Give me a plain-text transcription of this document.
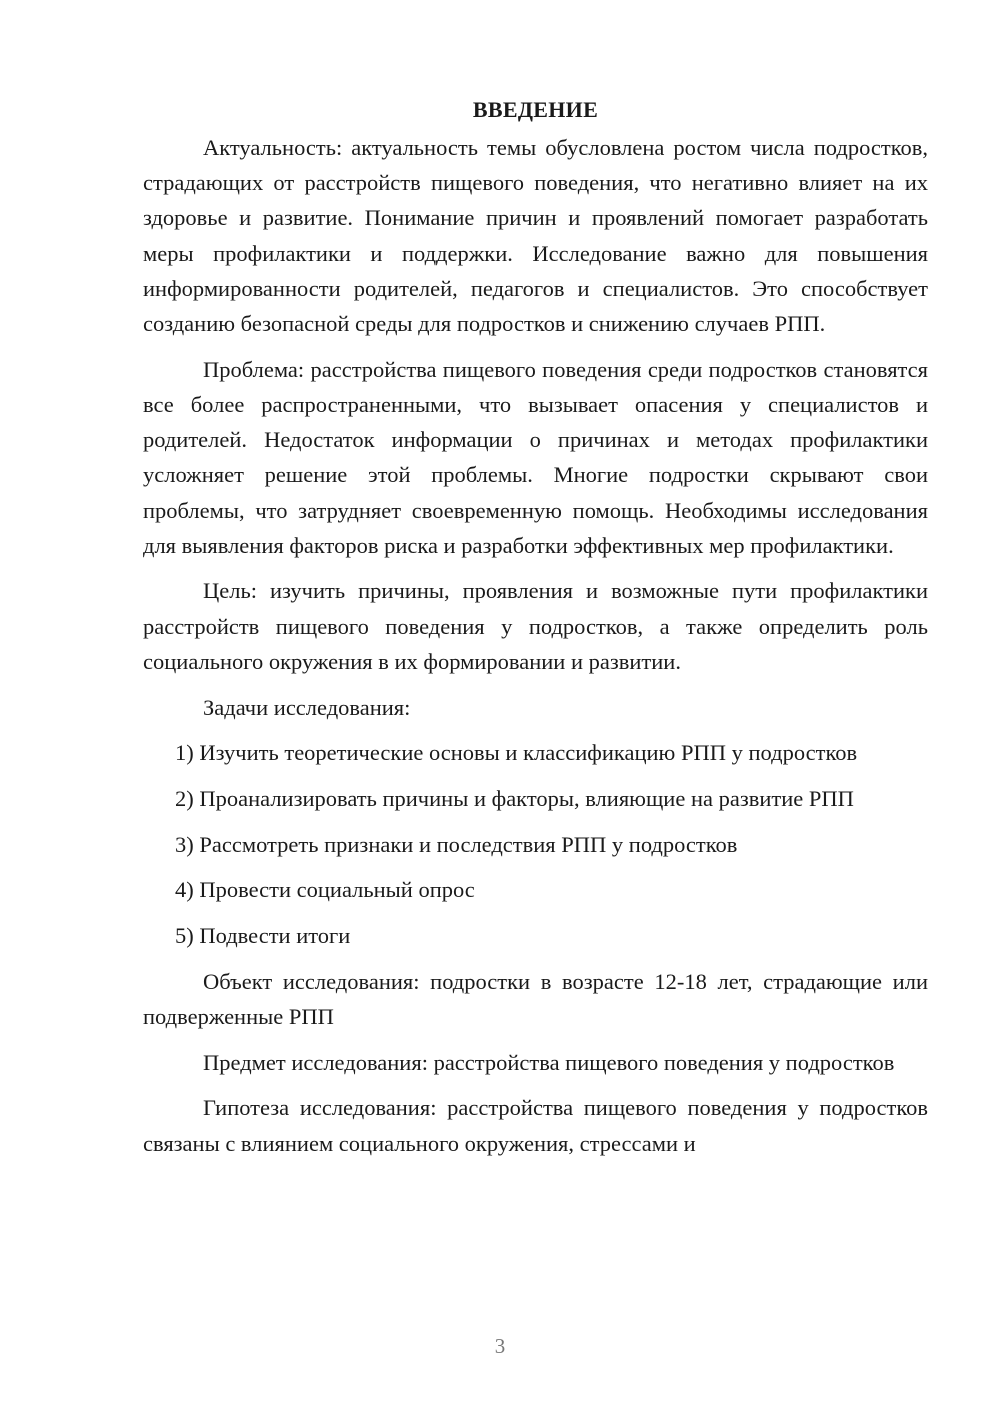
ВВЕДЕНИЕ

Актуальность: актуальность темы обусловлена ростом числа подростков, страдающих от расстройств пищевого поведения, что негативно влияет на их здоровье и развитие. Понимание причин и проявлений помогает разработать меры профилактики и поддержки. Исследование важно для повышения информированности родителей, педагогов и специалистов. Это способствует созданию безопасной среды для подростков и снижению случаев РПП.

Проблема: расстройства пищевого поведения среди подростков становятся все более распространенными, что вызывает опасения у специалистов и родителей. Недостаток информации о причинах и методах профилактики усложняет решение этой проблемы. Многие подростки скрывают свои проблемы, что затрудняет своевременную помощь. Необходимы исследования для выявления факторов риска и разработки эффективных мер профилактики.

Цель: изучить причины, проявления и возможные пути профилактики расстройств пищевого поведения у подростков, а также определить роль социального окружения в их формировании и развитии.

Задачи исследования:

1) Изучить теоретические основы и классификацию РПП у подростков

2) Проанализировать причины и факторы, влияющие на развитие РПП

3) Рассмотреть признаки и последствия РПП у подростков

4) Провести социальный опрос

5) Подвести итоги

Объект исследования: подростки в возрасте 12-18 лет, страдающие или подверженные РПП

Предмет исследования: расстройства пищевого поведения у подростков

Гипотеза исследования: расстройства пищевого поведения у подростков связаны с влиянием социального окружения, стрессами и

3
